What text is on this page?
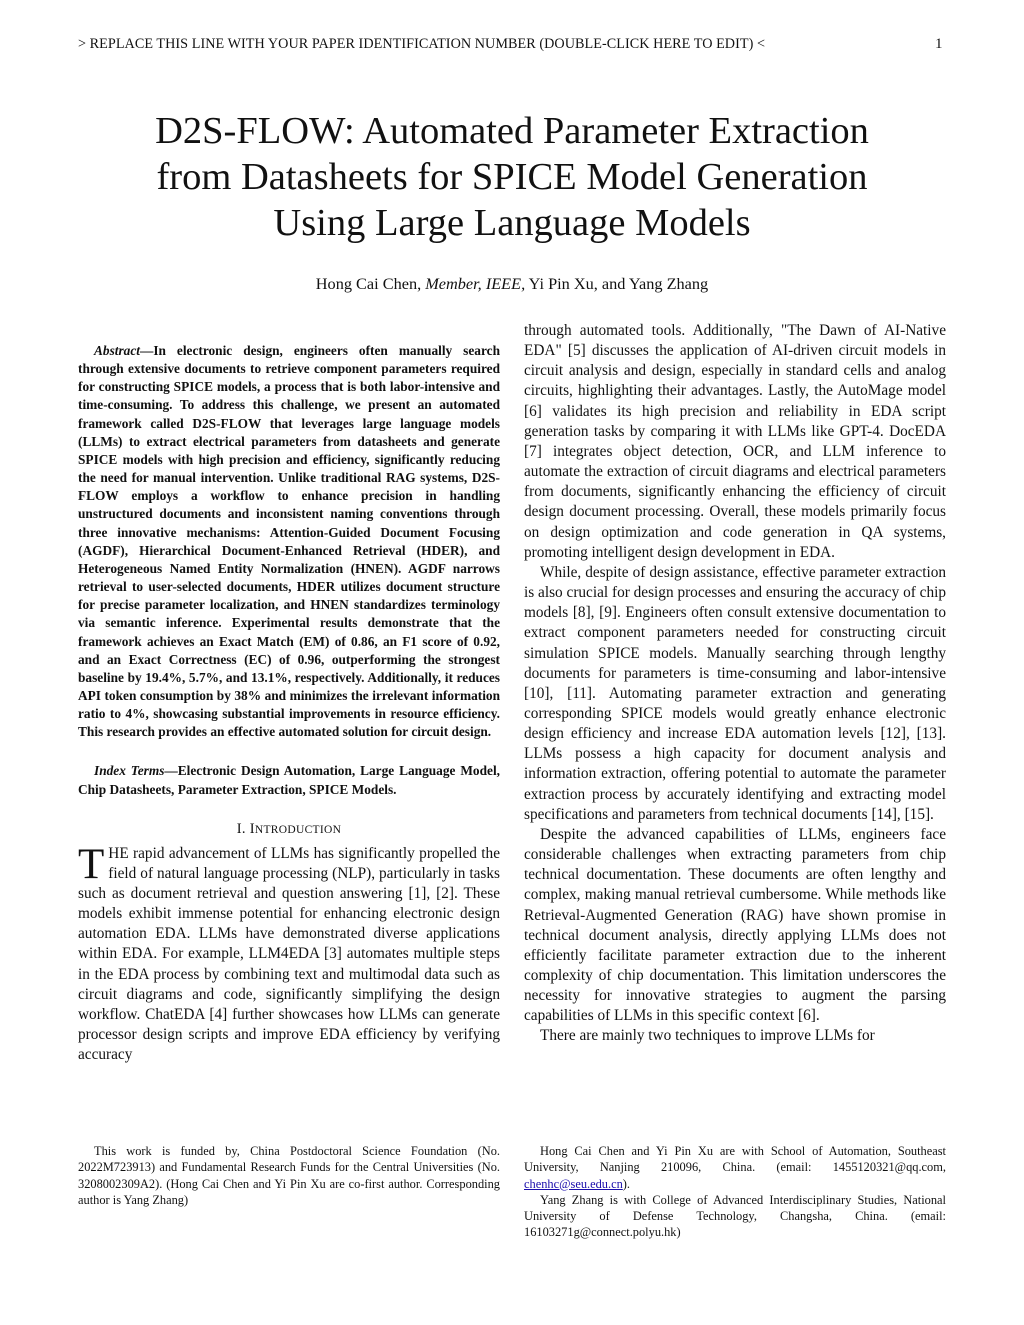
> REPLACE THIS LINE WITH YOUR PAPER IDENTIFICATION NUMBER (DOUBLE-CLICK HERE TO EDIT) <	1
D2S-FLOW: Automated Parameter Extraction
from Datasheets for SPICE Model Generation
Using Large Language Models
Hong Cai Chen, Member, IEEE, Yi Pin Xu, and Yang Zhang

Abstract—In electronic design, engineers often manually search through extensive documents to retrieve component parameters required for constructing SPICE models, a process that is both labor-intensive and time-consuming. To address this challenge, we present an automated framework called D2S-FLOW that leverages large language models (LLMs) to extract electrical parameters from datasheets and generate SPICE models with high precision and efficiency, significantly reducing the need for manual intervention. Unlike traditional RAG systems, D2S-FLOW employs a workflow to enhance precision in handling unstructured documents and inconsistent naming conventions through three innovative mechanisms: Attention-Guided Document Focusing (AGDF), Hierarchical Document-Enhanced Retrieval (HDER), and Heterogeneous Named Entity Normalization (HNEN). AGDF narrows retrieval to user-selected documents, HDER utilizes document structure for precise parameter localization, and HNEN standardizes terminology via semantic inference. Experimental results demonstrate that the framework achieves an Exact Match (EM) of 0.86, an F1 score of 0.92, and an Exact Correctness (EC) of 0.96, outperforming the strongest baseline by 19.4%, 5.7%, and 13.1%, respectively. Additionally, it reduces API token consumption by 38% and minimizes the irrelevant information ratio to 4%, showcasing substantial improvements in resource efficiency. This research provides an effective automated solution for circuit design.

Index Terms—Electronic Design Automation, Large Language Model, Chip Datasheets, Parameter Extraction, SPICE Models.

I. INTRODUCTION

THE rapid advancement of LLMs has significantly propelled the field of natural language processing (NLP), particularly in tasks such as document retrieval and question answering [1], [2]. These models exhibit immense potential for enhancing electronic design automation EDA. LLMs have demonstrated diverse applications within EDA. For example, LLM4EDA [3] automates multiple steps in the EDA process by combining text and multimodal data such as circuit diagrams and code, significantly simplifying the design workflow. ChatEDA [4] further showcases how LLMs can generate processor design scripts and improve EDA efficiency by verifying accuracy

through automated tools. Additionally, "The Dawn of AI-Native EDA" [5] discusses the application of AI-driven circuit models in circuit analysis and design, especially in standard cells and analog circuits, highlighting their advantages. Lastly, the AutoMage model [6] validates its high precision and reliability in EDA script generation tasks by comparing it with LLMs like GPT-4. DocEDA [7] integrates object detection, OCR, and LLM inference to automate the extraction of circuit diagrams and electrical parameters from documents, significantly enhancing the efficiency of circuit design document processing. Overall, these models primarily focus on design optimization and code generation in QA systems, promoting intelligent design development in EDA.

While, despite of design assistance, effective parameter extraction is also crucial for design processes and ensuring the accuracy of chip models [8], [9]. Engineers often consult extensive documentation to extract component parameters needed for constructing circuit simulation SPICE models. Manually searching through lengthy documents for parameters is time-consuming and labor-intensive [10], [11]. Automating parameter extraction and generating corresponding SPICE models would greatly enhance electronic design efficiency and increase EDA automation levels [12], [13]. LLMs possess a high capacity for document analysis and information extraction, offering potential to automate the parameter extraction process by accurately identifying and extracting model specifications and parameters from technical documents [14], [15].

Despite the advanced capabilities of LLMs, engineers face considerable challenges when extracting parameters from chip technical documentation. These documents are often lengthy and complex, making manual retrieval cumbersome. While methods like Retrieval-Augmented Generation (RAG) have shown promise in technical document analysis, directly applying LLMs does not efficiently facilitate parameter extraction due to the inherent complexity of chip documentation. This limitation underscores the necessity for innovative strategies to augment the parsing capabilities of LLMs in this specific context [6].

There are mainly two techniques to improve LLMs for

This work is funded by, China Postdoctoral Science Foundation (No. 2022M723913) and Fundamental Research Funds for the Central Universities (No. 3208002309A2). (Hong Cai Chen and Yi Pin Xu are co-first author. Corresponding author is Yang Zhang)

Hong Cai Chen and Yi Pin Xu are with School of Automation, Southeast University, Nanjing 210096, China. (email: 1455120321@qq.com, chenhc@seu.edu.cn).

Yang Zhang is with College of Advanced Interdisciplinary Studies, National University of Defense Technology, Changsha, China. (email: 16103271g@connect.polyu.hk)
